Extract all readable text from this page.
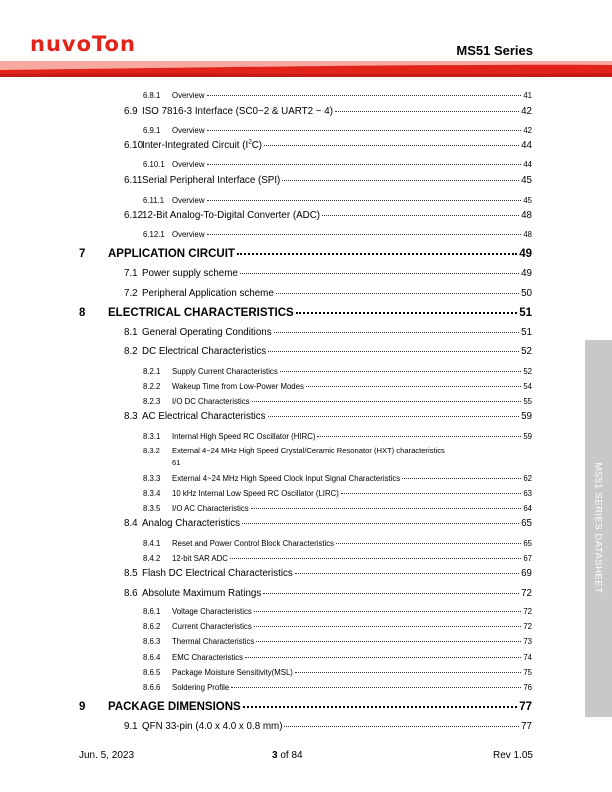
nuvoTon	MS51 Series
MS51 SERIES DATASHEET
6.8.1 Overview	41
6.9 ISO 7816-3 Interface (SC0~2 & UART2 ~ 4)	42
6.9.1 Overview	42
6.10Inter-Integrated Circuit $(I^2C)$	44
6.10.1 Overview	44
6.11Serial Peripheral Interface (SPI)	45
6.11.1 Overview	45
6.1212-Bit Analog-To-Digital Converter (ADC)	48
6.12.1 Overview	48
7 APPLICATION CIRCUIT	49
7.1 Power supply scheme	49
7.2 Peripheral Application scheme	50
8 ELECTRICAL CHARACTERISTICS	51
8.1 General Operating Conditions	51
8.2 DC Electrical Characteristics	52
8.2.1 Supply Current Characteristics	52
8.2.2 Wakeup Time from Low-Power Modes	54
8.2.3 I/O DC Characteristics	55
8.3 AC Electrical Characteristics	59
8.3.1 Internal High Speed RC Oscillator (HIRC)	59
8.3.2 External 4~24 MHz High Speed Crystal/Ceramic Resonator (HXT) characteristics
61
8.3.3 External 4~24 MHz High Speed Clock Input Signal Characteristics	62
8.3.4 10 kHz Internal Low Speed RC Oscillator (LIRC)	63
8.3.5 I/O AC Characteristics	64
8.4 Analog Characteristics	65
8.4.1 Reset and Power Control Block Characteristics	65
8.4.2 12-bit SAR ADC	67
8.5 Flash DC Electrical Characteristics	69
8.6 Absolute Maximum Ratings	72
8.6.1 Voltage Characteristics	72
8.6.2 Current Characteristics	72
8.6.3 Thermal Characteristics	73
8.6.4 EMC Characteristics	74
8.6.5 Package Moisture Sensitivity(MSL)	75
8.6.6 Soldering Profile	76
9 PACKAGE DIMENSIONS	77
9.1 QFN 33-pin (4.0 x 4.0 x 0.8 mm)	77
Jun. 5, 2023	3 of 84	Rev 1.05
